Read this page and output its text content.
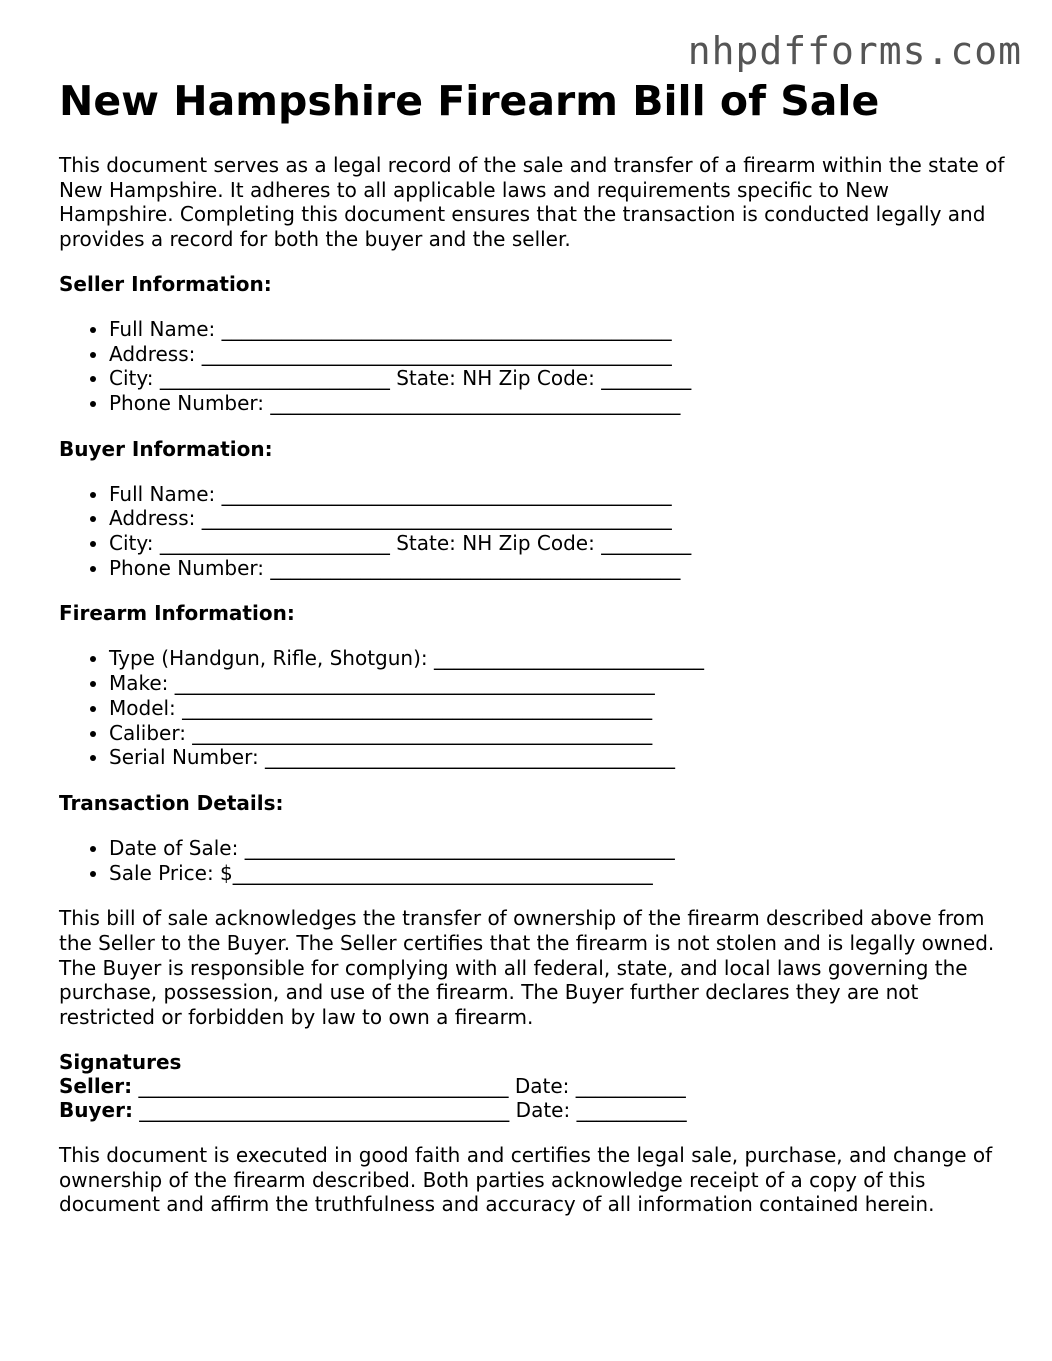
nhpdfforms.com
New Hampshire Firearm Bill of Sale

This document serves as a legal record of the sale and transfer of a firearm within the state of New Hampshire. It adheres to all applicable laws and requirements specific to New Hampshire. Completing this document ensures that the transaction is conducted legally and provides a record for both the buyer and the seller.

Seller Information:

• Full Name: _____________________________________________
• Address: _______________________________________________
• City: _______________________ State: NH Zip Code: _________
• Phone Number: _________________________________________

Buyer Information:

• Full Name: _____________________________________________
• Address: _______________________________________________
• City: _______________________ State: NH Zip Code: _________
• Phone Number: _________________________________________

Firearm Information:

• Type (Handgun, Rifle, Shotgun): ___________________________
• Make: ________________________________________________
• Model: _______________________________________________
• Caliber: ______________________________________________
• Serial Number: _________________________________________

Transaction Details:

• Date of Sale: ___________________________________________
• Sale Price: $__________________________________________

This bill of sale acknowledges the transfer of ownership of the firearm described above from the Seller to the Buyer. The Seller certifies that the firearm is not stolen and is legally owned. The Buyer is responsible for complying with all federal, state, and local laws governing the purchase, possession, and use of the firearm. The Buyer further declares they are not restricted or forbidden by law to own a firearm.

Signatures

Seller: _____________________________________ Date: ___________

Buyer: _____________________________________ Date: ___________

This document is executed in good faith and certifies the legal sale, purchase, and change of ownership of the firearm described. Both parties acknowledge receipt of a copy of this document and affirm the truthfulness and accuracy of all information contained herein.
